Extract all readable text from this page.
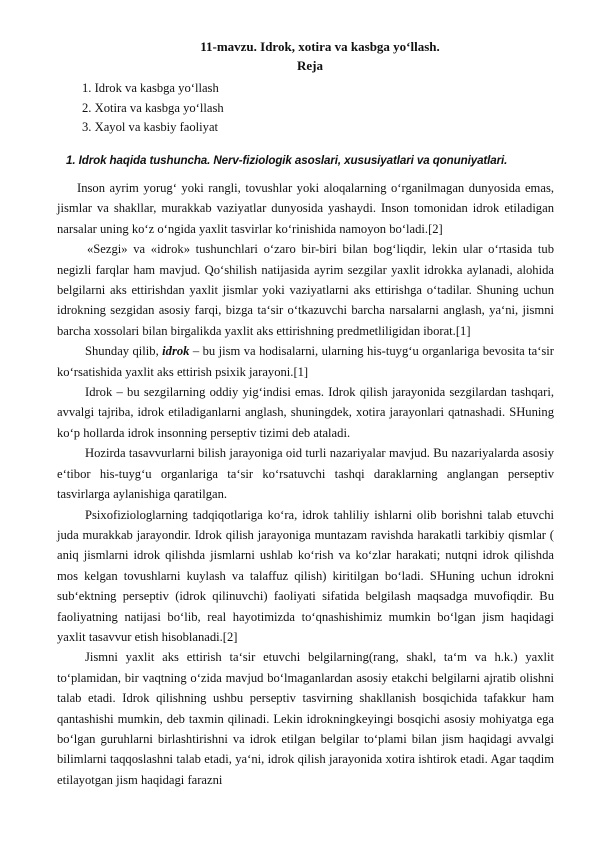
11-mavzu. Idrok, xotira va kasbga yo‘llash.
Reja
1. Idrok va kasbga yo‘llash
2. Xotira va kasbga yo‘llash
3. Xayol va kasbiy faoliyat
1. Idrok haqida tushuncha. Nerv-fiziologik asoslari, xususiyatlari va qonuniyatlari.

Inson ayrim yorug‘ yoki rangli, tovushlar yoki aloqalarning o‘rganilmagan dunyosida emas, jismlar va shakllar, murakkab vaziyatlar dunyosida yashaydi. Inson tomonidan idrok etiladigan narsalar uning ko‘z o‘ngida yaxlit tasvirlar ko‘rinishida namoyon bo‘ladi.[2]

«Sezgi» va «idrok» tushunchlari o‘zaro bir-biri bilan bog‘liqdir, lekin ular o‘rtasida tub negizli farqlar ham mavjud. Qo‘shilish natijasida ayrim sezgilar yaxlit idrokka aylanadi, alohida belgilarni aks ettirishdan yaxlit jismlar yoki vaziyatlarni aks ettirishga o‘tadilar. Shuning uchun idrokning sezgidan asosiy farqi, bizga ta‘sir o‘tkazuvchi barcha narsalarni anglash, ya‘ni, jismni barcha xossolari bilan birgalikda yaxlit aks ettirishning predmetliligidan iborat.[1]

Shunday qilib, idrok – bu jism va hodisalarni, ularning his-tuyg‘u organlariga bevosita ta‘sir ko‘rsatishida yaxlit aks ettirish psixik jarayoni.[1]

Idrok – bu sezgilarning oddiy yig‘indisi emas. Idrok qilish jarayonida sezgilardan tashqari, avvalgi tajriba, idrok etiladiganlarni anglash, shuningdek, xotira jarayonlari qatnashadi. SHuning ko‘p hollarda idrok insonning perseptiv tizimi deb ataladi.

Hozirda tasavvurlarni bilish jarayoniga oid turli nazariyalar mavjud. Bu nazariyalarda asosiy e‘tibor his-tuyg‘u organlariga ta‘sir ko‘rsatuvchi tashqi daraklarning anglangan perseptiv tasvirlarga aylanishiga qaratilgan.

Psixofiziologlarning tadqiqotlariga ko‘ra, idrok tahliliy ishlarni olib borishni talab etuvchi juda murakkab jarayondir. Idrok qilish jarayoniga muntazam ravishda harakatli tarkibiy qismlar ( aniq jismlarni idrok qilishda jismlarni ushlab ko‘rish va ko‘zlar harakati; nutqni idrok qilishda mos kelgan tovushlarni kuylash va talaffuz qilish) kiritilgan bo‘ladi. SHuning uchun idrokni sub‘ektning perseptiv (idrok qilinuvchi) faoliyati sifatida belgilash maqsadga muvofiqdir. Bu faoliyatning natijasi bo‘lib, real hayotimizda to‘qnashishimiz mumkin bo‘lgan jism haqidagi yaxlit tasavvur etish hisoblanadi.[2]

Jismni yaxlit aks ettirish ta‘sir etuvchi belgilarning(rang, shakl, ta‘m va h.k.) yaxlit to‘plamidan, bir vaqtning o‘zida mavjud bo‘lmaganlardan asosiy etakchi belgilarni ajratib olishni talab etadi. Idrok qilishning ushbu perseptiv tasvirning shakllanish bosqichida tafakkur ham qantashishi mumkin, deb taxmin qilinadi. Lekin idrokningkeyingi bosqichi asosiy mohiyatga ega bo‘lgan guruhlarni birlashtirishni va idrok etilgan belgilar to‘plami bilan jism haqidagi avvalgi bilimlarni taqqoslashni talab etadi, ya‘ni, idrok qilish jarayonida xotira ishtirok etadi. Agar taqdim etilayotgan jism haqidagi farazni
